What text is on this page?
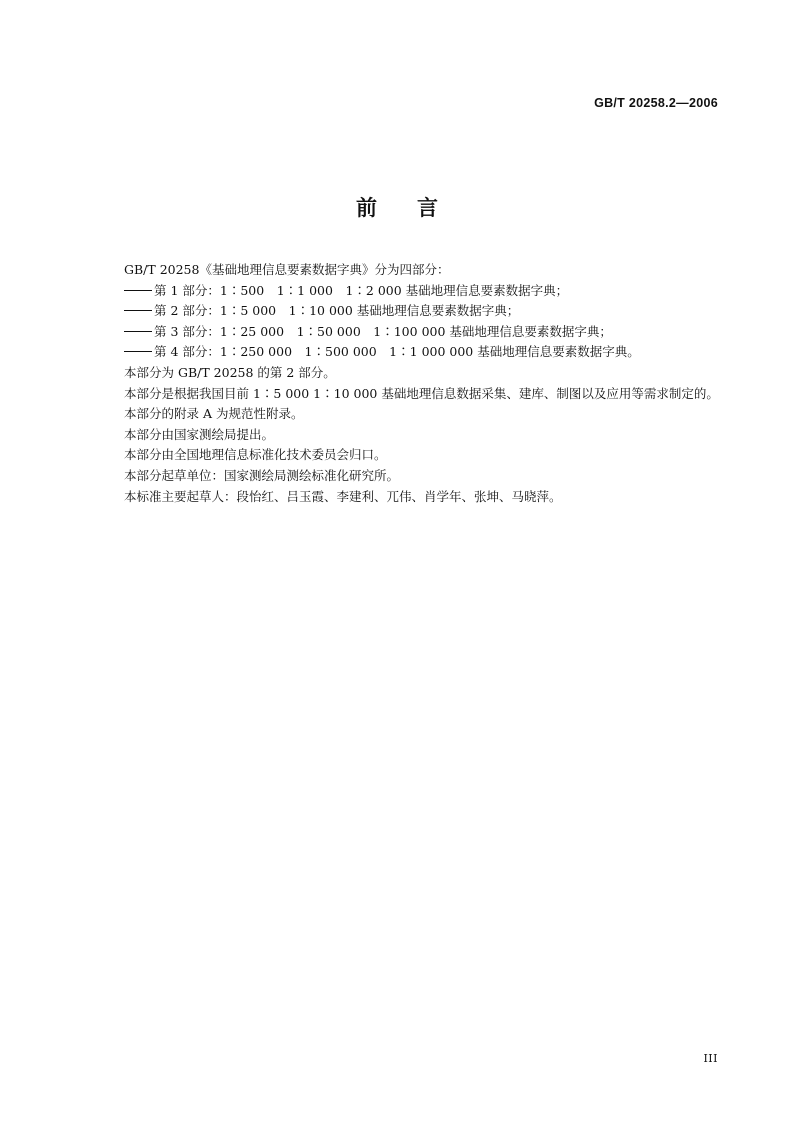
GB/T 20258.2—2006
前 言

GB/T 20258《基础地理信息要素数据字典》分为四部分：

第 1 部分：1∶500　1∶1 000　1∶2 000 基础地理信息要素数据字典；

第 2 部分：1∶5 000　1∶10 000 基础地理信息要素数据字典；

第 3 部分：1∶25 000　1∶50 000　1∶100 000 基础地理信息要素数据字典；

第 4 部分：1∶250 000　1∶500 000　1∶1 000 000 基础地理信息要素数据字典。

本部分为 GB/T 20258 的第 2 部分。

本部分是根据我国目前 1∶5 000 1∶10 000 基础地理信息数据采集、建库、制图以及应用等需求制定的。

本部分的附录 A 为规范性附录。

本部分由国家测绘局提出。

本部分由全国地理信息标准化技术委员会归口。

本部分起草单位：国家测绘局测绘标准化研究所。

本标准主要起草人：段怡红、吕玉霞、李建利、兀伟、肖学年、张坤、马晓萍。

III
